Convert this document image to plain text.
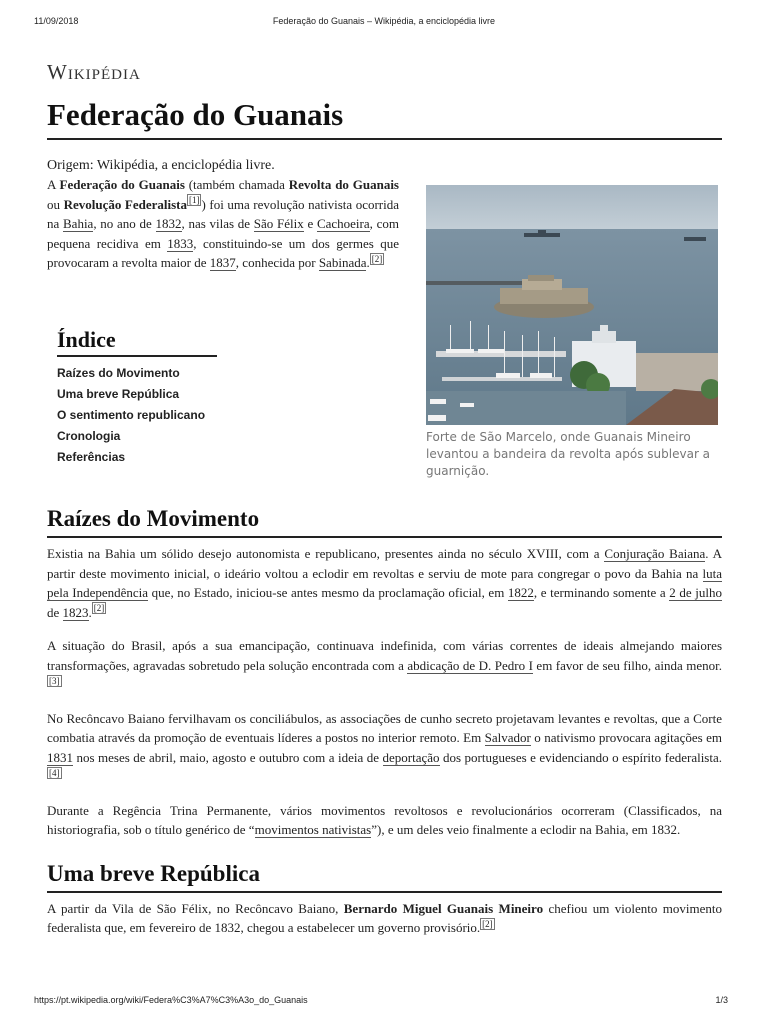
11/09/2018	Federação do Guanais – Wikipédia, a enciclopédia livre
Wikipédia
Federação do Guanais

Origem: Wikipédia, a enciclopédia livre.

A Federação do Guanais (também chamada Revolta do Guanais ou Revolução Federalista [1] ) foi uma revolução nativista ocorrida na Bahia, no ano de 1832, nas vilas de São Félix e Cachoeira, com pequena recidiva em 1833, constituindo-se um dos germes que provocaram a revolta maior de 1837, conhecida por Sabinada. [2]
Índice
Raízes do Movimento
Uma breve República
O sentimento republicano
Cronologia
Referências
Forte de São Marcelo, onde Guanais Mineiro levantou a bandeira da revolta após sublevar a guarnição.
Raízes do Movimento

Existia na Bahia um sólido desejo autonomista e republicano, presentes ainda no século XVIII, com a Conjuração Baiana. A partir deste movimento inicial, o ideário voltou a eclodir em revoltas e serviu de mote para congregar o povo da Bahia na luta pela Independência que, no Estado, iniciou-se antes mesmo da proclamação oficial, em 1822, e terminando somente a 2 de julho de 1823. [2]

A situação do Brasil, após a sua emancipação, continuava indefinida, com várias correntes de ideais almejando maiores transformações, agravadas sobretudo pela solução encontrada com a abdicação de D. Pedro I em favor de seu filho, ainda menor.[3]

No Recôncavo Baiano fervilhavam os conciliábulos, as associações de cunho secreto projetavam levantes e revoltas, que a Corte combatia através da promoção de eventuais líderes a postos no interior remoto. Em Salvador o nativismo provocara agitações em 1831 nos meses de abril, maio, agosto e outubro com a ideia de deportação dos portugueses e evidenciando o espírito federalista.[4]

Durante a Regência Trina Permanente, vários movimentos revoltosos e revolucionários ocorreram (Classificados, na historiografia, sob o título genérico de “movimentos nativistas”), e um deles veio finalmente a eclodir na Bahia, em 1832.

Uma breve República

A partir da Vila de São Félix, no Recôncavo Baiano, Bernardo Miguel Guanais Mineiro chefiou um violento movimento federalista que, em fevereiro de 1832, chegou a estabelecer um governo provisório. [2]

https://pt.wikipedia.org/wiki/Federa%C3%A7%C3%A3o_do_Guanais	1/3
